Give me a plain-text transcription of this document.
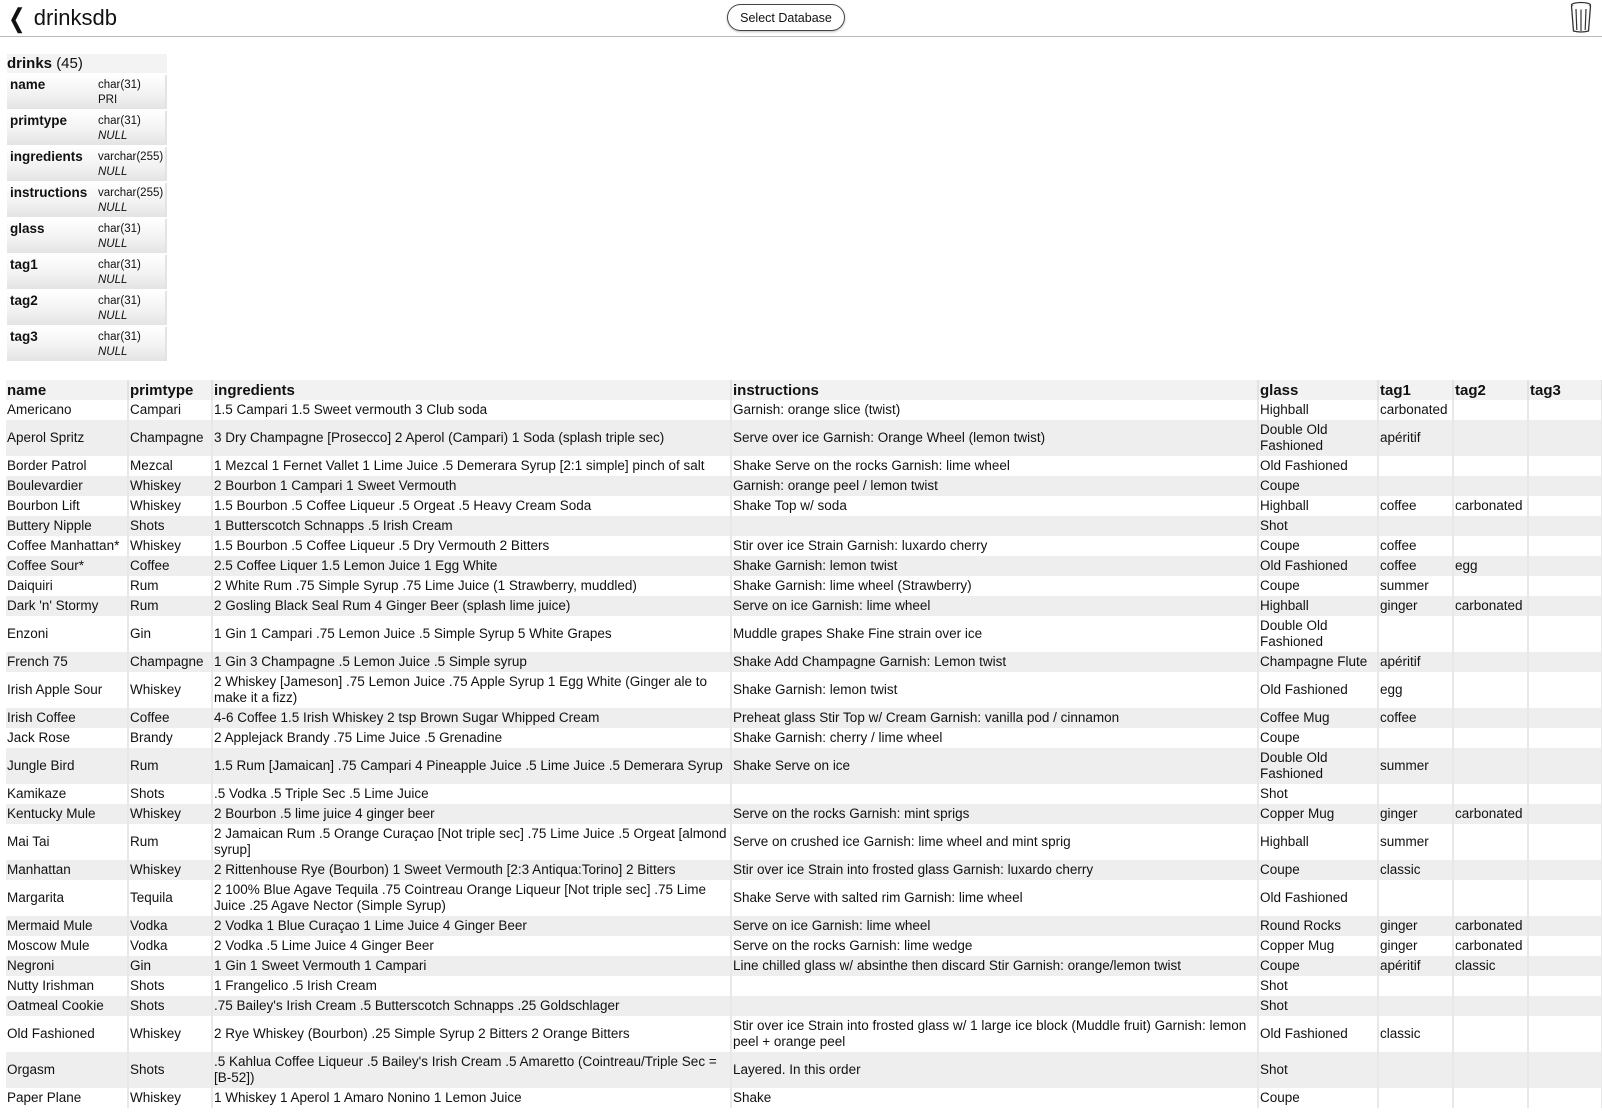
❮ drinksdb	Select Database
drinks (45)
name	char(31)
PRI
primtype	char(31)
NULL
ingredients	varchar(255)
NULL
instructions varchar(255)
NULL
glass	char(31)
NULL
tag1	char(31)
NULL
tag2	char(31)
NULL
tag3	char(31)
NULL
name	primtype	ingredients	instructions	glass	tag1	tag2	tag3
Americano	Campari	1.5 Campari 1.5 Sweet vermouth 3 Club soda	Garnish: orange slice (twist)	Highball	carbonated		
Aperol Spritz	Champagne	3 Dry Champagne [Prosecco] 2 Aperol (Campari) 1 Soda (splash triple sec)	Serve over ice Garnish: Orange Wheel (lemon twist)	Double Old Fashioned	apéritif		
Border Patrol	Mezcal	1 Mezcal 1 Fernet Vallet 1 Lime Juice .5 Demerara Syrup [2:1 simple] pinch of salt	Shake Serve on the rocks Garnish: lime wheel	Old Fashioned			
Boulevardier	Whiskey	2 Bourbon 1 Campari 1 Sweet Vermouth	Garnish: orange peel / lemon twist	Coupe			
Bourbon Lift	Whiskey	1.5 Bourbon .5 Coffee Liqueur .5 Orgeat .5 Heavy Cream Soda	Shake Top w/ soda	Highball	coffee	carbonated	
Buttery Nipple	Shots	1 Butterscotch Schnapps .5 Irish Cream		Shot			
Coffee Manhattan*	Whiskey	1.5 Bourbon .5 Coffee Liqueur .5 Dry Vermouth 2 Bitters	Stir over ice Strain Garnish: luxardo cherry	Coupe	coffee		
Coffee Sour*	Coffee	2.5 Coffee Liquer 1.5 Lemon Juice 1 Egg White	Shake Garnish: lemon twist	Old Fashioned	coffee	egg	
Daiquiri	Rum	2 White Rum .75 Simple Syrup .75 Lime Juice (1 Strawberry, muddled)	Shake Garnish: lime wheel (Strawberry)	Coupe	summer		
Dark 'n' Stormy	Rum	2 Gosling Black Seal Rum 4 Ginger Beer (splash lime juice)	Serve on ice Garnish: lime wheel	Highball	ginger	carbonated	
Enzoni	Gin	1 Gin 1 Campari .75 Lemon Juice .5 Simple Syrup 5 White Grapes	Muddle grapes Shake Fine strain over ice	Double Old Fashioned			
French 75	Champagne	1 Gin 3 Champagne .5 Lemon Juice .5 Simple syrup	Shake Add Champagne Garnish: Lemon twist	Champagne Flute	apéritif		
Irish Apple Sour	Whiskey	2 Whiskey [Jameson] .75 Lemon Juice .75 Apple Syrup 1 Egg White (Ginger ale to make it a fizz)	Shake Garnish: lemon twist	Old Fashioned	egg		
Irish Coffee	Coffee	4-6 Coffee 1.5 Irish Whiskey 2 tsp Brown Sugar Whipped Cream	Preheat glass Stir Top w/ Cream Garnish: vanilla pod / cinnamon	Coffee Mug	coffee		
Jack Rose	Brandy	2 Applejack Brandy .75 Lime Juice .5 Grenadine	Shake Garnish: cherry / lime wheel	Coupe			
Jungle Bird	Rum	1.5 Rum [Jamaican] .75 Campari 4 Pineapple Juice .5 Lime Juice .5 Demerara Syrup	Shake Serve on ice	Double Old Fashioned	summer		
Kamikaze	Shots	.5 Vodka .5 Triple Sec .5 Lime Juice		Shot			
Kentucky Mule	Whiskey	2 Bourbon .5 lime juice 4 ginger beer	Serve on the rocks Garnish: mint sprigs	Copper Mug	ginger	carbonated	
Mai Tai	Rum	2 Jamaican Rum .5 Orange Curaçao [Not triple sec] .75 Lime Juice .5 Orgeat [almond syrup]	Serve on crushed ice Garnish: lime wheel and mint sprig	Highball	summer		
Manhattan	Whiskey	2 Rittenhouse Rye (Bourbon) 1 Sweet Vermouth [2:3 Antiqua:Torino] 2 Bitters	Stir over ice Strain into frosted glass Garnish: luxardo cherry	Coupe	classic		
Margarita	Tequila	2 100% Blue Agave Tequila .75 Cointreau Orange Liqueur [Not triple sec] .75 Lime Juice .25 Agave Nector (Simple Syrup)	Shake Serve with salted rim Garnish: lime wheel	Old Fashioned			
Mermaid Mule	Vodka	2 Vodka 1 Blue Curaçao 1 Lime Juice 4 Ginger Beer	Serve on ice Garnish: lime wheel	Round Rocks	ginger	carbonated	
Moscow Mule	Vodka	2 Vodka .5 Lime Juice 4 Ginger Beer	Serve on the rocks Garnish: lime wedge	Copper Mug	ginger	carbonated	
Negroni	Gin	1 Gin 1 Sweet Vermouth 1 Campari	Line chilled glass w/ absinthe then discard Stir Garnish: orange/lemon twist	Coupe	apéritif	classic	
Nutty Irishman	Shots	1 Frangelico .5 Irish Cream		Shot			
Oatmeal Cookie	Shots	.75 Bailey's Irish Cream .5 Butterscotch Schnapps .25 Goldschlager		Shot			
Old Fashioned	Whiskey	2 Rye Whiskey (Bourbon) .25 Simple Syrup 2 Bitters 2 Orange Bitters	Stir over ice Strain into frosted glass w/ 1 large ice block (Muddle fruit) Garnish: lemon peel + orange peel	Old Fashioned	classic		
Orgasm	Shots	.5 Kahlua Coffee Liqueur .5 Bailey's Irish Cream .5 Amaretto (Cointreau/Triple Sec = [B-52])	Layered. In this order	Shot			
Paper Plane	Whiskey	1 Whiskey 1 Aperol 1 Amaro Nonino 1 Lemon Juice	Shake	Coupe			
